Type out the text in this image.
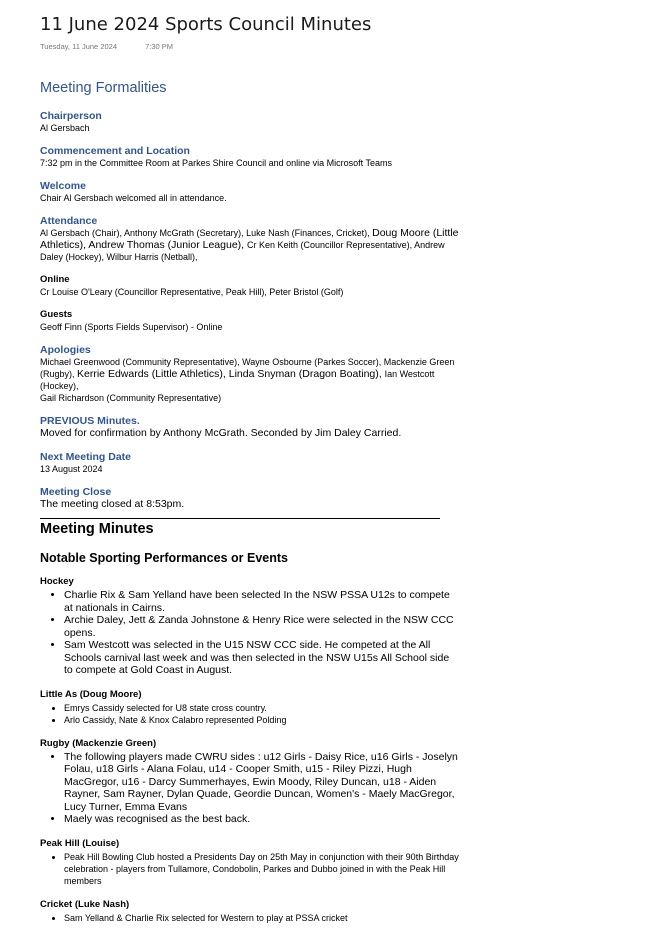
11 June 2024 Sports Council Minutes
Tuesday, 11 June 2024	7:30 PM
Meeting Formalities
Chairperson
Al Gersbach
Commencement and Location
7:32 pm in the Committee Room at Parkes Shire Council and online via Microsoft Teams
Welcome
Chair Al Gersbach welcomed all in attendance.
Attendance
Al Gersbach (Chair), Anthony McGrath (Secretary), Luke Nash (Finances, Cricket), Doug Moore (Little Athletics), Andrew Thomas (Junior League), Cr Ken Keith (Councillor Representative), Andrew Daley (Hockey), Wilbur Harris (Netball),
Online
Cr Louise O'Leary (Councillor Representative, Peak Hill), Peter Bristol (Golf)
Guests
Geoff Finn (Sports Fields Supervisor) - Online
Apologies
Michael Greenwood (Community Representative), Wayne Osbourne (Parkes Soccer), Mackenzie Green (Rugby), Kerrie Edwards (Little Athletics), Linda Snyman (Dragon Boating), Ian Westcott (Hockey),
Gail Richardson (Community Representative)
PREVIOUS Minutes.
Moved for confirmation by Anthony McGrath. Seconded by Jim Daley Carried.
Next Meeting Date
13 August 2024
Meeting Close
The meeting closed at 8:53pm.
Meeting Minutes
Notable Sporting Performances or Events
Hockey
• Charlie Rix & Sam Yelland have been selected In the NSW PSSA U12s to compete at nationals in Cairns.
• Archie Daley, Jett & Zanda Johnstone & Henry Rice were selected in the NSW CCC opens.
• Sam Westcott was selected in the U15 NSW CCC side. He competed at the All Schools carnival last week and was then selected in the NSW U15s All School side to compete at Gold Coast in August.
Little As (Doug Moore)
• Emrys Cassidy selected for U8 state cross country.
• Arlo Cassidy, Nate & Knox Calabro represented Polding
Rugby (Mackenzie Green)
• The following players made CWRU sides : u12 Girls - Daisy Rice, u16 Girls - Joselyn Folau, u18 Girls - Alana Folau, u14 - Cooper Smith, u15 - Riley Pizzi, Hugh MacGregor, u16 - Darcy Summerhayes, Ewin Moody, Riley Duncan, u18 - Aiden Rayner, Sam Rayner, Dylan Quade, Geordie Duncan, Women's - Maely MacGregor, Lucy Turner, Emma Evans
• Maely was recognised as the best back.
Peak Hill (Louise)
• Peak Hill Bowling Club hosted a Presidents Day on 25th May in conjunction with their 90th Birthday celebration - players from Tullamore, Condobolin, Parkes and Dubbo joined in with the Peak Hill members
Cricket (Luke Nash)
• Sam Yelland & Charlie Rix selected for Western to play at PSSA cricket
